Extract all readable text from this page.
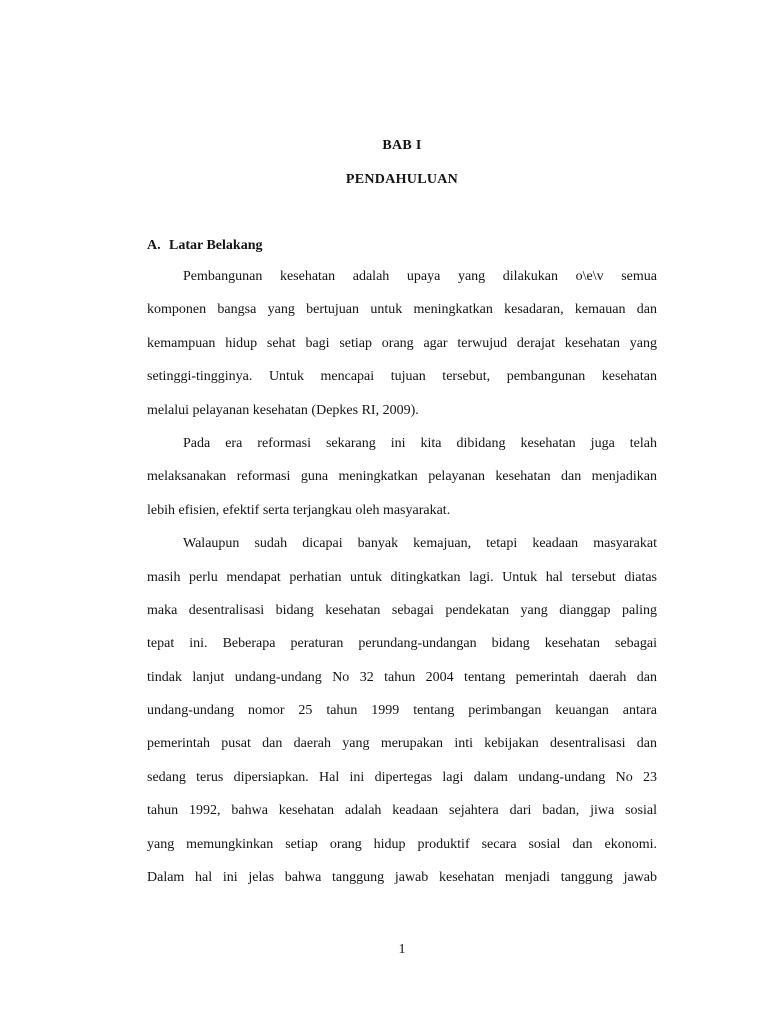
BAB I
PENDAHULUAN
A. Latar Belakang
Pembangunan kesehatan adalah upaya yang dilakukan o\e\v semua
komponen bangsa yang bertujuan untuk meningkatkan kesadaran, kemauan dan
kemampuan hidup sehat bagi setiap orang agar terwujud derajat kesehatan yang
setinggi-tingginya. Untuk mencapai tujuan tersebut, pembangunan kesehatan
melalui pelayanan kesehatan (Depkes RI, 2009).
Pada era reformasi sekarang ini kita dibidang kesehatan juga telah
melaksanakan reformasi guna meningkatkan pelayanan kesehatan dan menjadikan
lebih efisien, efektif serta terjangkau oleh masyarakat.
Walaupun sudah dicapai banyak kemajuan, tetapi keadaan masyarakat
masih perlu mendapat perhatian untuk ditingkatkan lagi. Untuk hal tersebut diatas
maka desentralisasi bidang kesehatan sebagai pendekatan yang dianggap paling
tepat ini. Beberapa peraturan perundang-undangan bidang kesehatan sebagai
tindak lanjut undang-undang No 32 tahun 2004 tentang pemerintah daerah dan
undang-undang nomor 25 tahun 1999 tentang perimbangan keuangan antara
pemerintah pusat dan daerah yang merupakan inti kebijakan desentralisasi dan
sedang terus dipersiapkan. Hal ini dipertegas lagi dalam undang-undang No 23
tahun 1992, bahwa kesehatan adalah keadaan sejahtera dari badan, jiwa sosial
yang memungkinkan setiap orang hidup produktif secara sosial dan ekonomi.
Dalam hal ini jelas bahwa tanggung jawab kesehatan menjadi tanggung jawab
1
